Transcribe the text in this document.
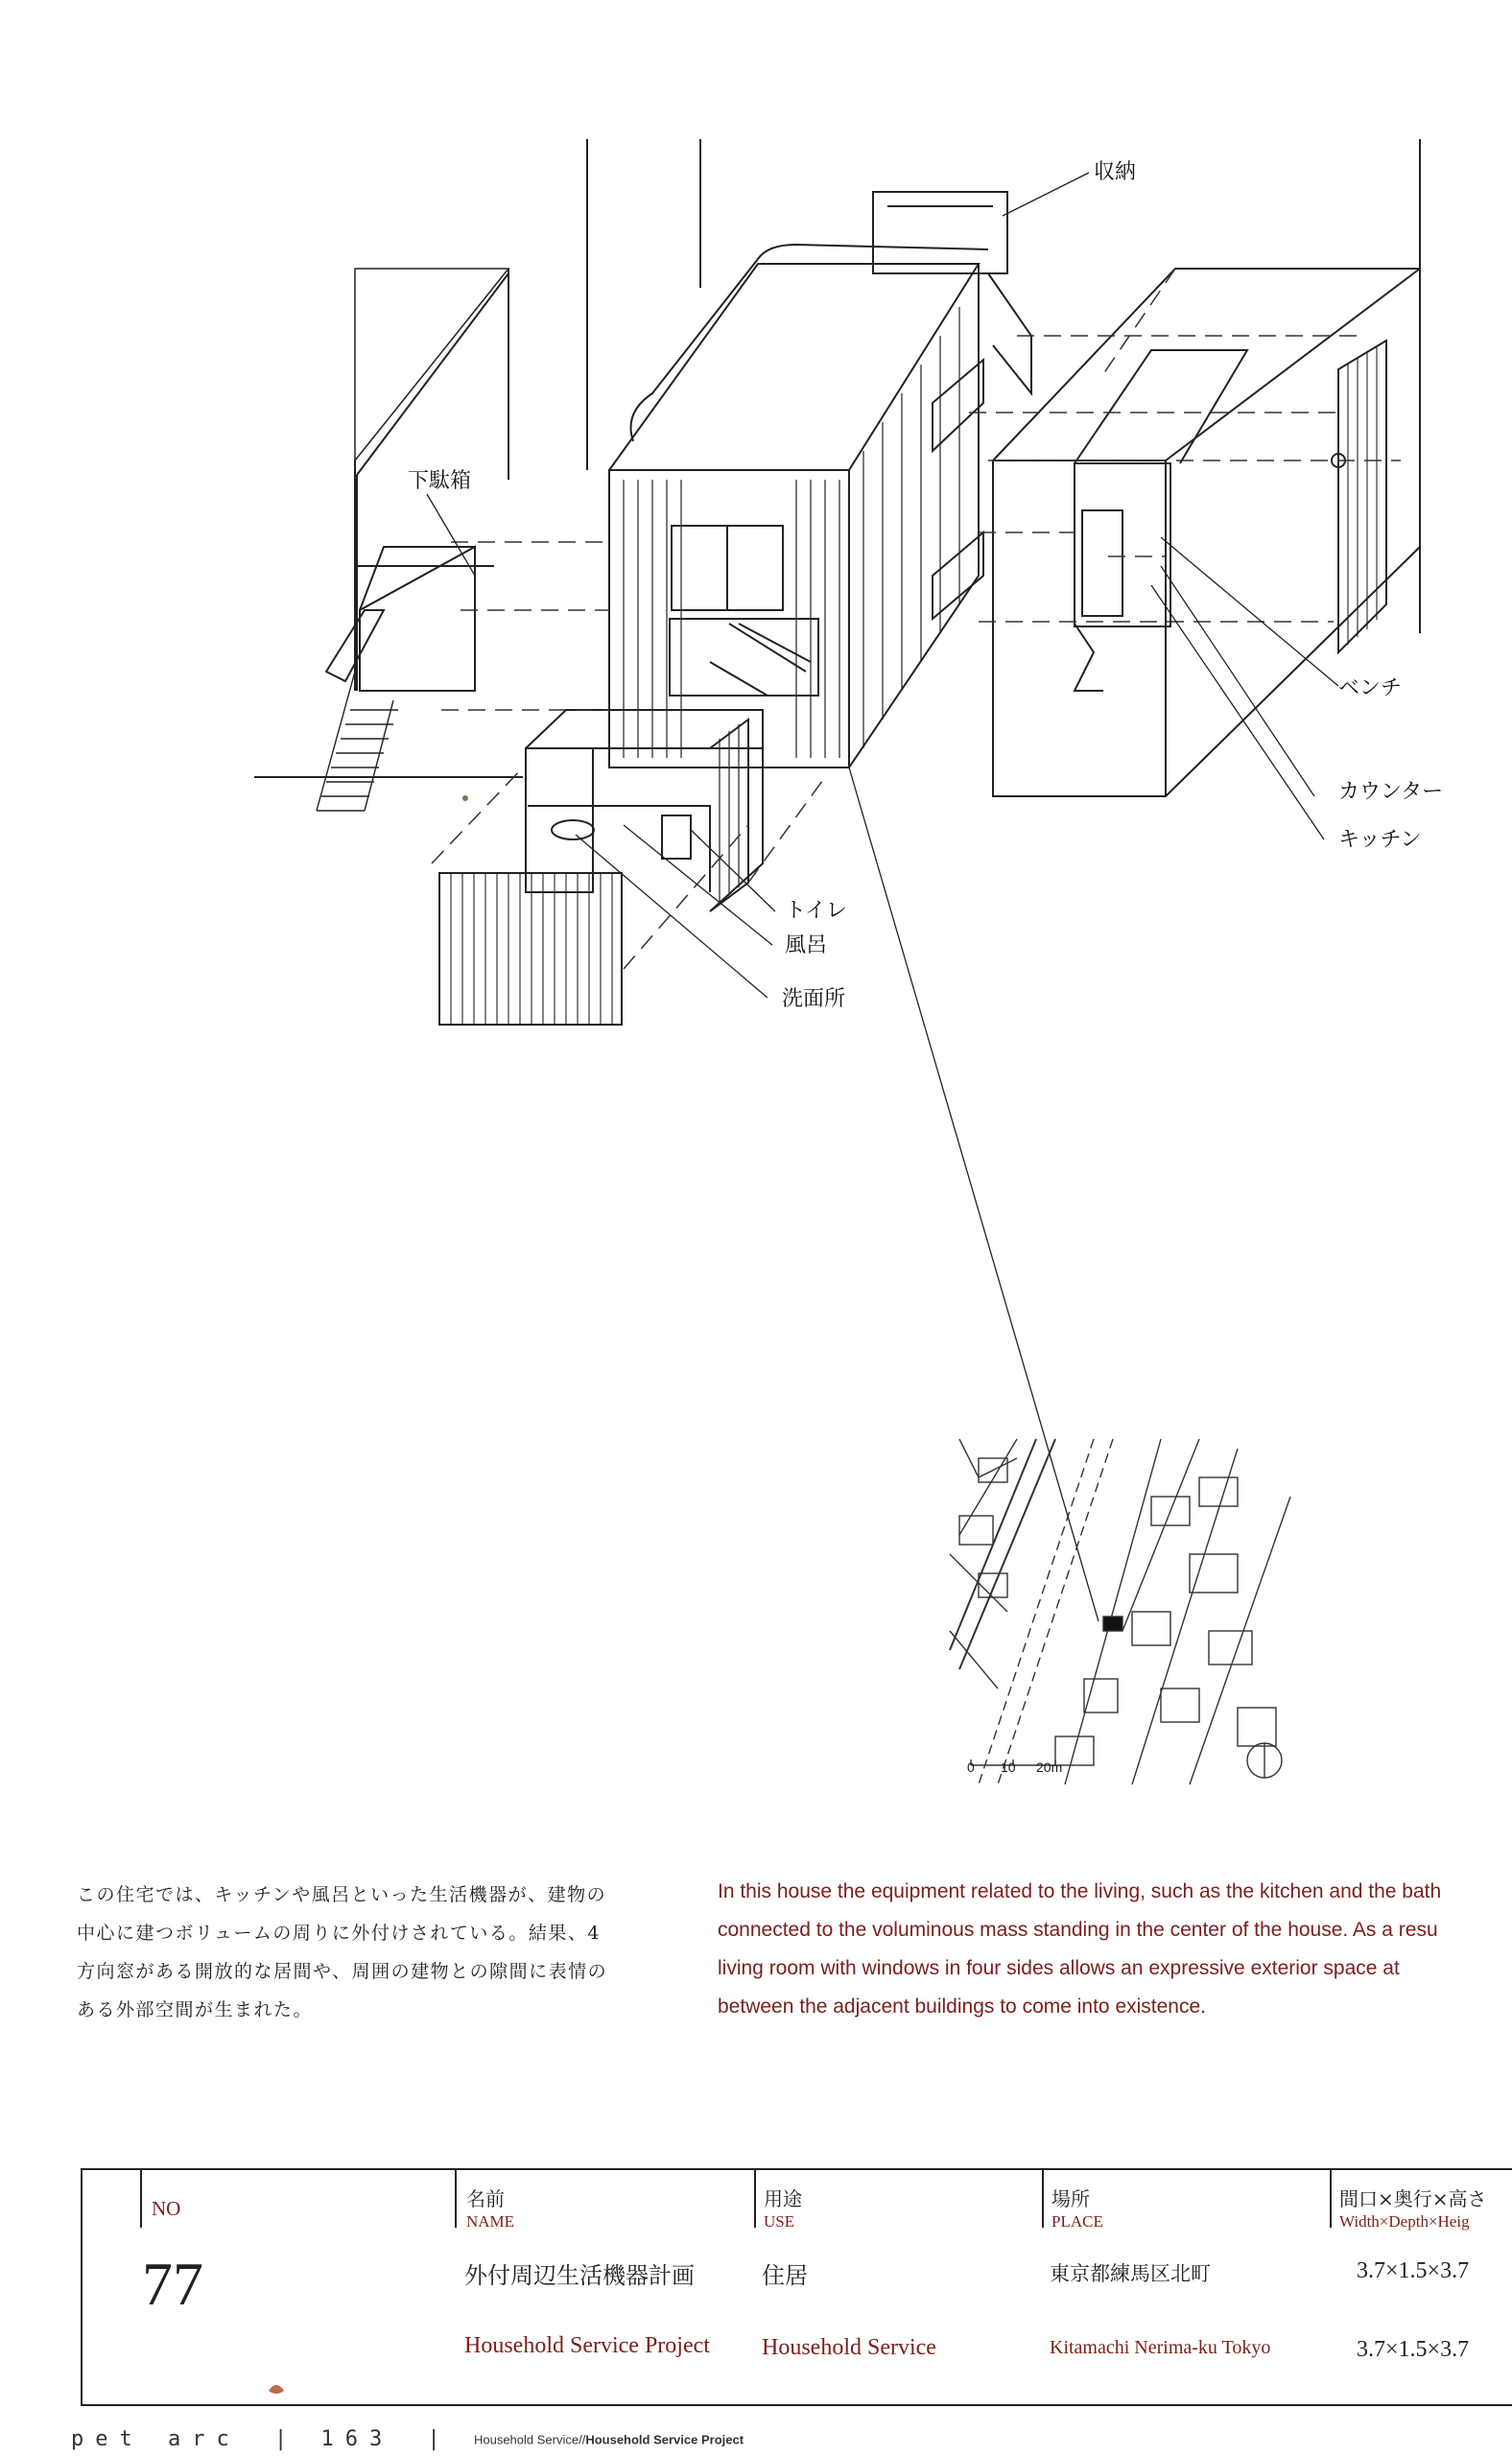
収納
下駄箱
ベンチ
カウンター
キッチン
トイレ
風呂
洗面所
0 10 20m
この住宅では、キッチンや風呂といった生活機器が、建物の
中心に建つボリュームの周りに外付けされている。結果、4
方向窓がある開放的な居間や、周囲の建物との隙間に表情の
ある外部空間が生まれた。
In this house the equipment related to the living, such as the kitchen and the bath
connected to the voluminous mass standing in the center of the house. As a resu
living room with windows in four sides allows an expressive exterior space at
between the adjacent buildings to come into existence.
NO
77
名前
NAME
外付周辺生活機器計画
Household Service Project
用途
USE
住居
Household Service
場所
PLACE
東京都練馬区北町
Kitamachi Nerima-ku Tokyo
間口×奥行×高さ
Width×Depth×Heig
3.7×1.5×3.7
3.7×1.5×3.7
pet arc | 163 |	Household Service//Household Service Project
